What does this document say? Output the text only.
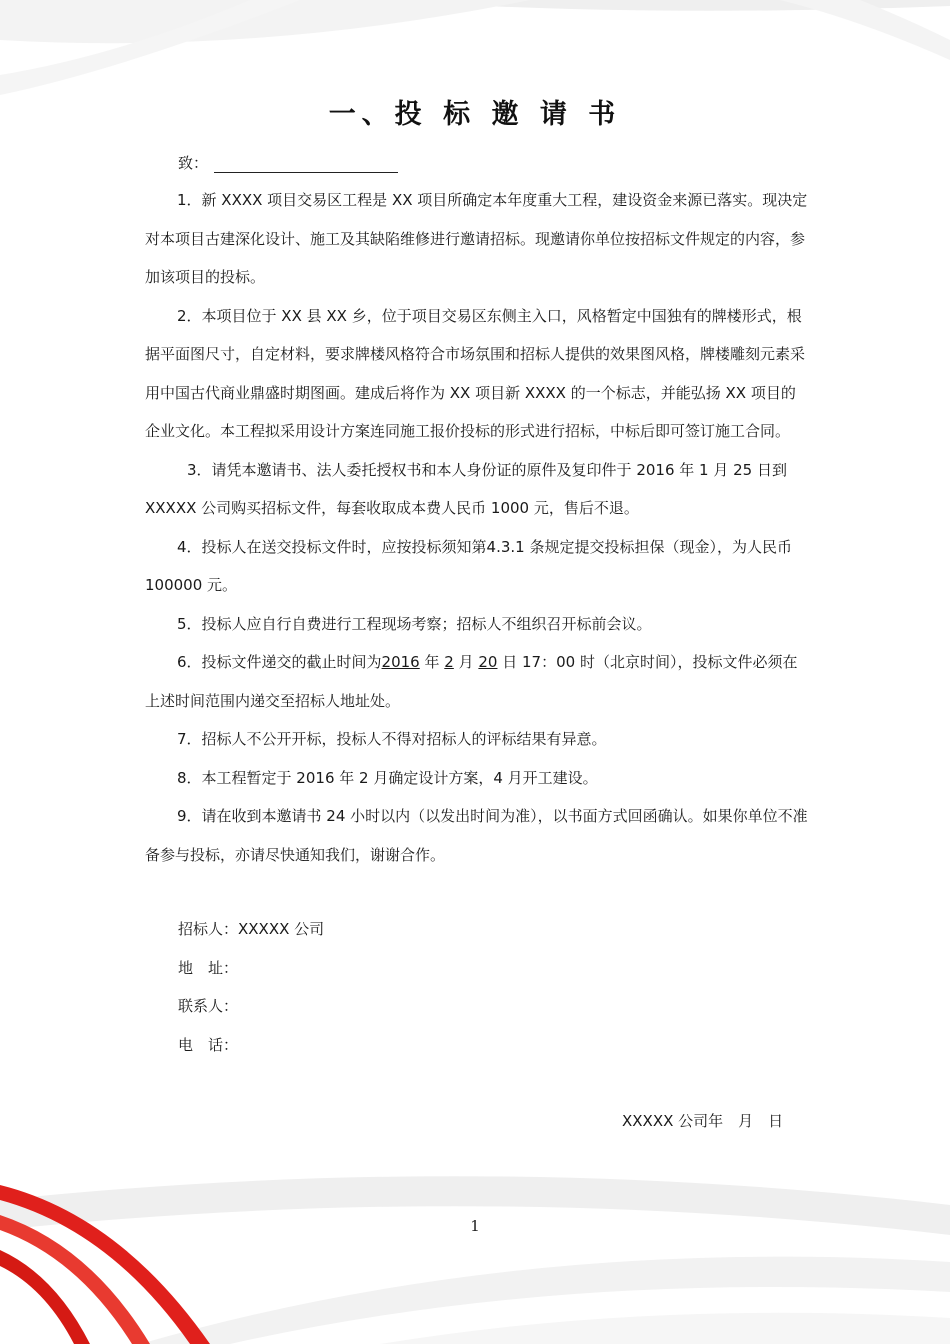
一、投 标 邀 请 书
致：

1．新 XXXX 项目交易区工程是 XX 项目所确定本年度重大工程，建设资金来源已落实。现决定对本项目古建深化设计、施工及其缺陷维修进行邀请招标。现邀请你单位按招标文件规定的内容，参加该项目的投标。

2．本项目位于 XX 县 XX 乡，位于项目交易区东侧主入口，风格暂定中国独有的牌楼形式，根据平面图尺寸，自定材料，要求牌楼风格符合市场氛围和招标人提供的效果图风格，牌楼雕刻元素采用中国古代商业鼎盛时期图画。建成后将作为 XX 项目新 XXXX 的一个标志，并能弘扬 XX 项目的企业文化。本工程拟采用设计方案连同施工报价投标的形式进行招标，中标后即可签订施工合同。

3．请凭本邀请书、法人委托授权书和本人身份证的原件及复印件于 2016 年 1 月 25 日到 XXXXX 公司购买招标文件，每套收取成本费人民币 1000 元，售后不退。

4．投标人在送交投标文件时，应按投标须知第4.3.1 条规定提交投标担保（现金），为人民币 100000 元。

5．投标人应自行自费进行工程现场考察；招标人不组织召开标前会议。

6．投标文件递交的截止时间为2016 年 2 月 20 日 17：00 时（北京时间），投标文件必须在上述时间范围内递交至招标人地址处。

7．招标人不公开开标，投标人不得对招标人的评标结果有异意。

8．本工程暂定于 2016 年 2 月确定设计方案，4 月开工建设。

9．请在收到本邀请书 24 小时以内（以发出时间为准），以书面方式回函确认。如果你单位不准备参与投标，亦请尽快通知我们，谢谢合作。

招标人：XXXXX 公司
地　址：
联系人：
电　话：
XXXXX 公司年　月　日
1
